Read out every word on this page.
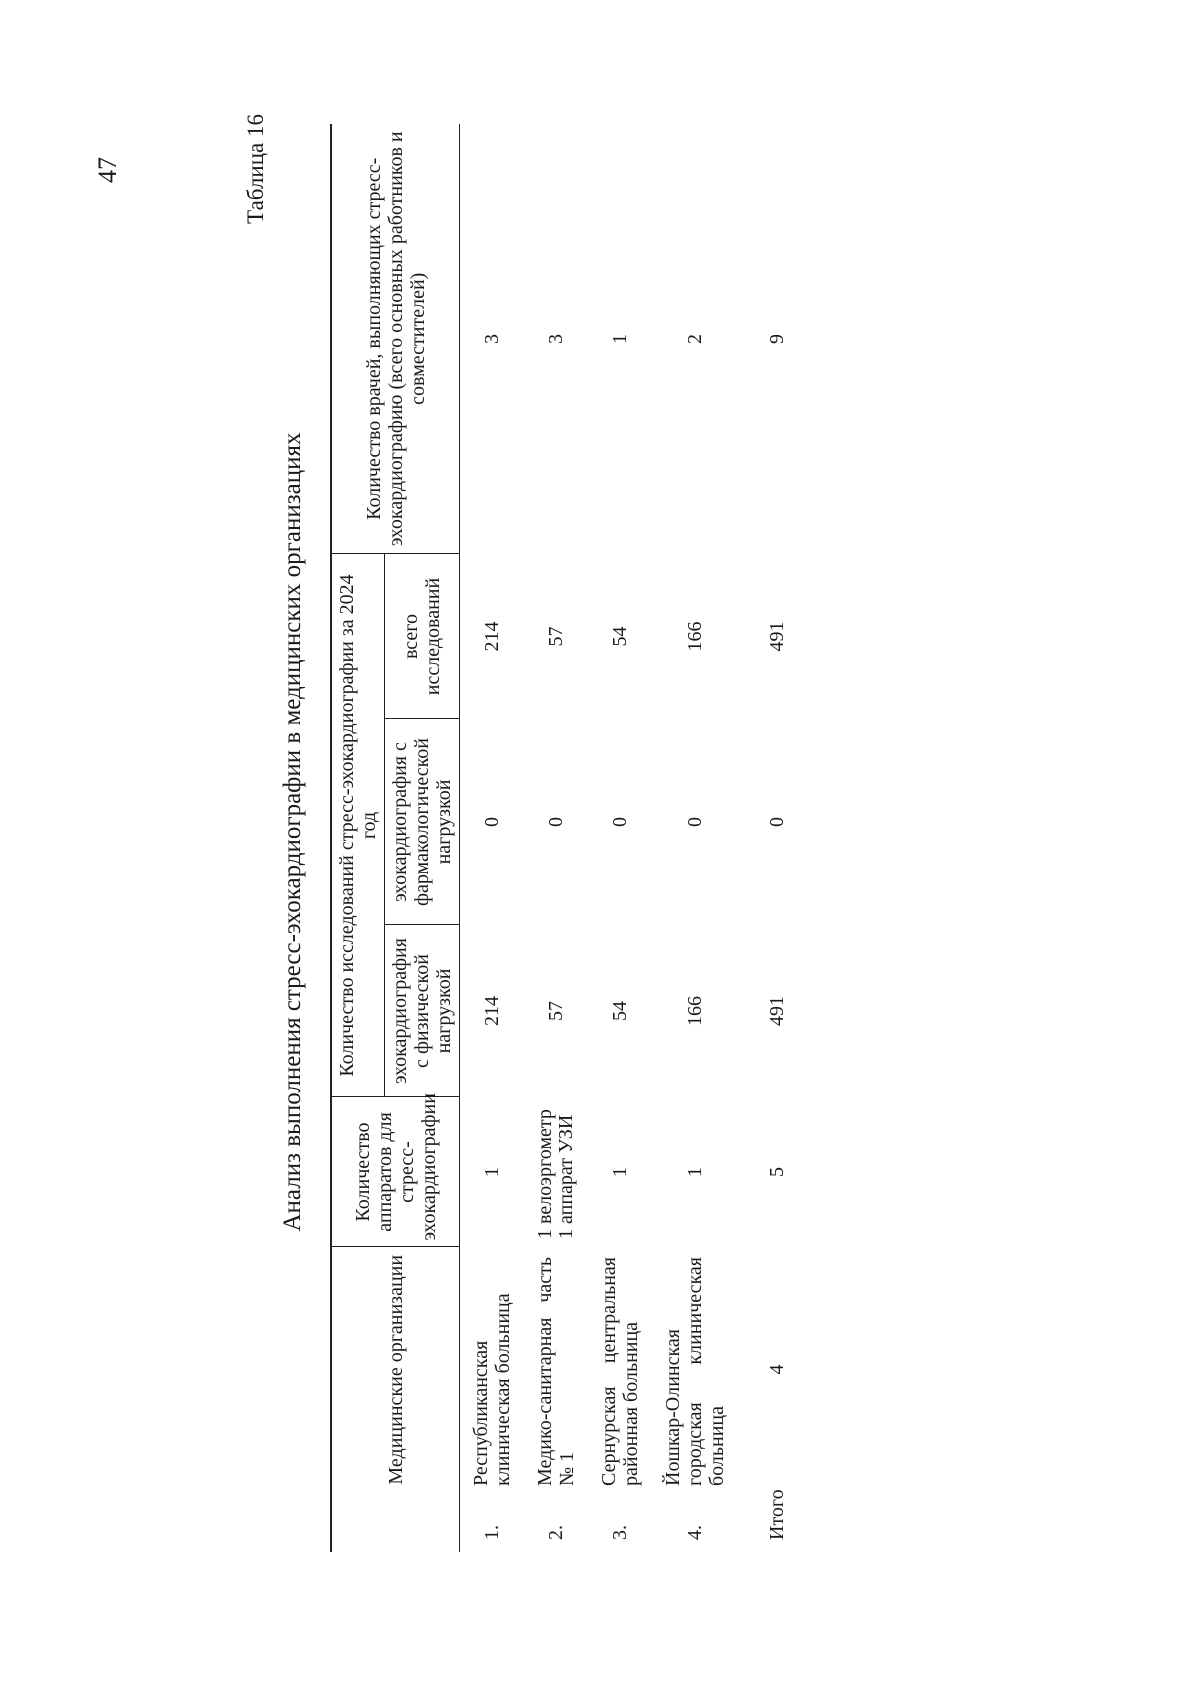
47	Таблица 16
Анализ выполнения стресс-эхокардиографии в медицинских организациях
	Медицинские организации	Количество аппаратов для стресс-эхокардиографии	Количество исследований стресс-эхокардиографии за 2024 год			Количество врачей, выполняющих стресс-эхокардиографию (всего основных работников и совместителей)
			эхокардиография с физической нагрузкой	эхокардиография с фармакологической нагрузкой	всего исследований	
1.	Республиканская клиническая больница	1	214	0	214	3
2.	Медико-санитарная часть № 1	1 велоэргометр 1 аппарат УЗИ	57	0	57	3
3.	Сернурская центральная районная больница	1	54	0	54	1
4.	Йошкар-Олинская городская клиническая больница	1	166	0	166	2
Итого	4	5	491	0	491	9
